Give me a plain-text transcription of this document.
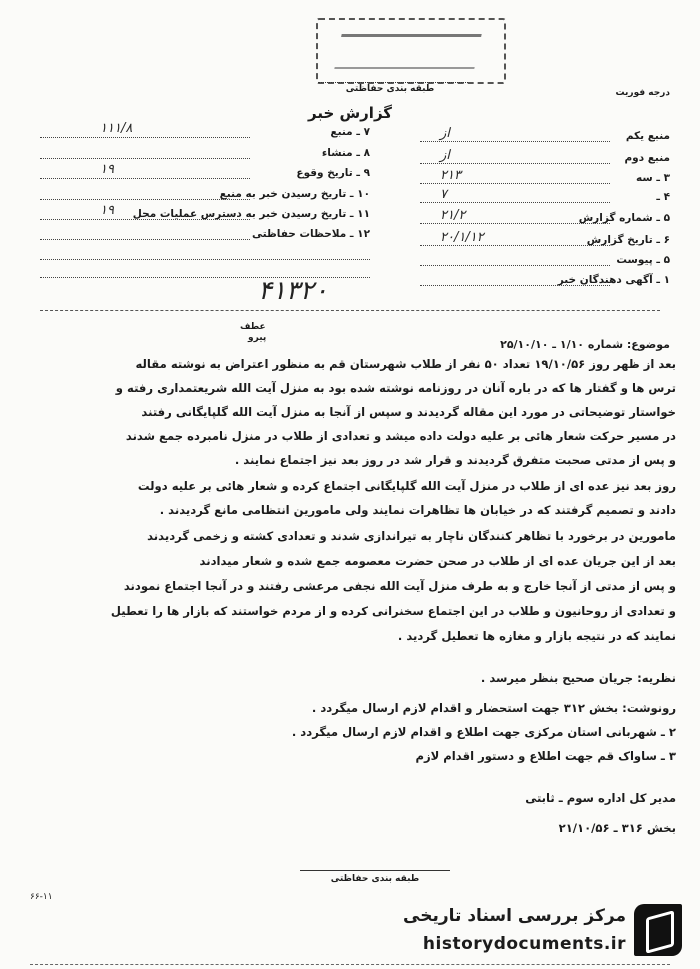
طبقه بندی حفاظتی	درجه فوریت
گزارش خبر
منبع یکم
از
منبع دوم
از
۳ ـ سه
۲۱۳
۴ ـ
۷
۵ ـ شماره گزارش
۲۱/۲
۶ ـ تاریخ گزارش
۲۰/۱/۱۲
۵ ـ پیوست
۱ ـ آگهی دهندگان خبر
۷ ـ منبع
۱۱۱/۸
۸ ـ منشاء
۹ ـ تاریخ وقوع
۱۹
۱۰ ـ تاریخ رسیدن خبر به منبع
۱۱ ـ تاریخ رسیدن خبر به دسترس عملیات محل
۱۹
۱۲ ـ ملاحظات حفاظتی
۴۱۳۲۰
عطف
پیرو	موضوع: شماره ۱/۱۰ ـ ۲۵/۱۰/۱۰
بعد از ظهر روز ۱۹/۱۰/۵۶ تعداد ۵۰ نفر از طلاب شهرستان قم به منظور اعتراض به نوشته مقاله
ترس ها و گفتار ها که در باره آنان در روزنامه نوشته شده بود به منزل آیت الله شریعتمداری رفته و
خواستار توضیحاتی در مورد این مقاله گردیدند و سپس از آنجا به منزل آیت الله گلپایگانی رفتند
در مسیر حرکت شعار هائی بر علیه دولت داده میشد و تعدادی از طلاب در منزل نامبرده جمع شدند
و پس از مدتی صحبت متفرق گردیدند و قرار شد در روز بعد نیز اجتماع نمایند .
روز بعد نیز عده ای از طلاب در منزل آیت الله گلپایگانی اجتماع کرده و شعار هائی بر علیه دولت
دادند و تصمیم گرفتند که در خیابان ها تظاهرات نمایند ولی مامورین انتظامی مانع گردیدند .
مامورین در برخورد با تظاهر کنندگان ناچار به تیراندازی شدند و تعدادی کشته و زخمی گردیدند
بعد از این جریان عده ای از طلاب در صحن حضرت معصومه جمع شده و شعار میدادند
و پس از مدتی از آنجا خارج و به طرف منزل آیت الله نجفی مرعشی رفتند و در آنجا اجتماع نمودند
و تعدادی از روحانیون و طلاب در این اجتماع سخنرانی کرده و از مردم خواستند که بازار ها را تعطیل
نمایند که در نتیجه بازار و مغازه ها تعطیل گردید .
نظریه: جریان صحیح بنظر میرسد .
رونوشت: بخش ۳۱۲ جهت استحضار و اقدام لازم ارسال میگردد .
۲ ـ شهربانی استان مرکزی جهت اطلاع و اقدام لازم ارسال میگردد .
۳ ـ ساواک قم جهت اطلاع و دستور اقدام لازم
مدیر کل اداره سوم ـ ثابتی
بخش ۳۱۶ ـ ۲۱/۱۰/۵۶
طبقه بندی حفاظتی
۶۶-۱۱
مرکز بررسی اسناد تاریخی
historydocuments.ir
